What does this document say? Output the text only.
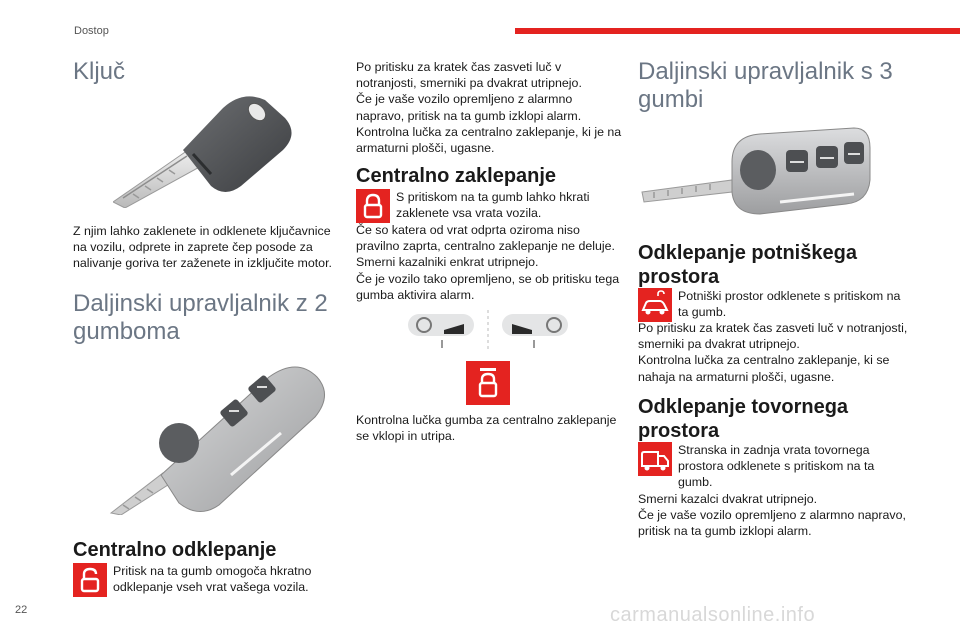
Dostop
Ključ

Z njim lahko zaklenete in odklenete ključavnice na vozilu, odprete in zaprete čep posode za nalivanje goriva ter zaženete in izključite motor.

Daljinski upravljalnik z 2 gumboma
Centralno odklepanje

Pritisk na ta gumb omogoča hkratno odklepanje vseh vrat vašega vozila.

Po pritisku za kratek čas zasveti luč v notranjosti, smerniki pa dvakrat utripnejo.
Če je vaše vozilo opremljeno z alarmno napravo, pritisk na ta gumb izklopi alarm.
Kontrolna lučka za centralno zaklepanje, ki je na armaturni plošči, ugasne.

Centralno zaklepanje

S pritiskom na ta gumb lahko hkrati zaklenete vsa vrata vozila.

Če so katera od vrat odprta oziroma niso pravilno zaprta, centralno zaklepanje ne deluje.
Smerni kazalniki enkrat utripnejo.
Če je vozilo tako opremljeno, se ob pritisku tega gumba aktivira alarm.

Kontrolna lučka gumba za centralno zaklepanje se vklopi in utripa.

Daljinski upravljalnik s 3 gumbi
Odklepanje potniškega prostora

Potniški prostor odklenete s pritiskom na ta gumb.

Po pritisku za kratek čas zasveti luč v notranjosti, smerniki pa dvakrat utripnejo.
Kontrolna lučka za centralno zaklepanje, ki se nahaja na armaturni plošči, ugasne.

Odklepanje tovornega prostora

Stranska in zadnja vrata tovornega prostora odklenete s pritiskom na ta gumb.

Smerni kazalci dvakrat utripnejo.
Če je vaše vozilo opremljeno z alarmno napravo, pritisk na ta gumb izklopi alarm.

22	carmanualsonline.info
